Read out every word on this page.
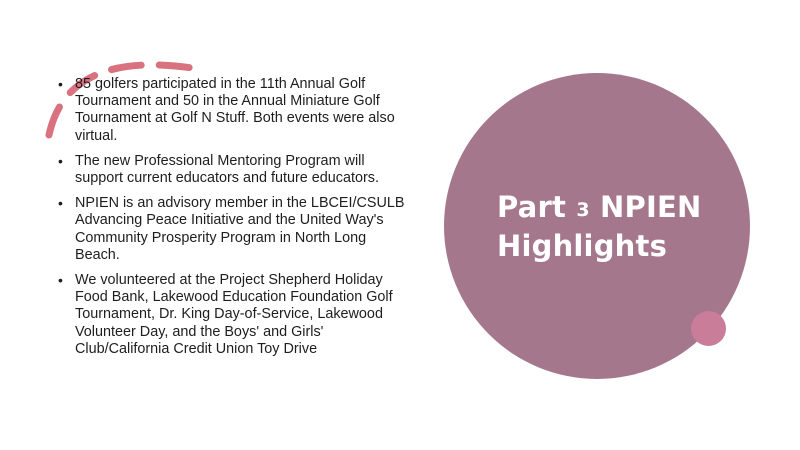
• 85 golfers participated in the 11th Annual Golf Tournament and 50 in the Annual Miniature Golf Tournament at Golf N Stuff. Both events were also virtual.
• The new Professional Mentoring Program will support current educators and future educators.
• NPIEN is an advisory member in the LBCEI/CSULB Advancing Peace Initiative and the United Way's Community Prosperity Program in North Long Beach.
• We volunteered at the Project Shepherd Holiday Food Bank, Lakewood Education Foundation Golf Tournament, Dr. King Day-of-Service, Lakewood Volunteer Day, and the Boys' and Girls' Club/California Credit Union Toy Drive
Part 3 NPIEN
Highlights
